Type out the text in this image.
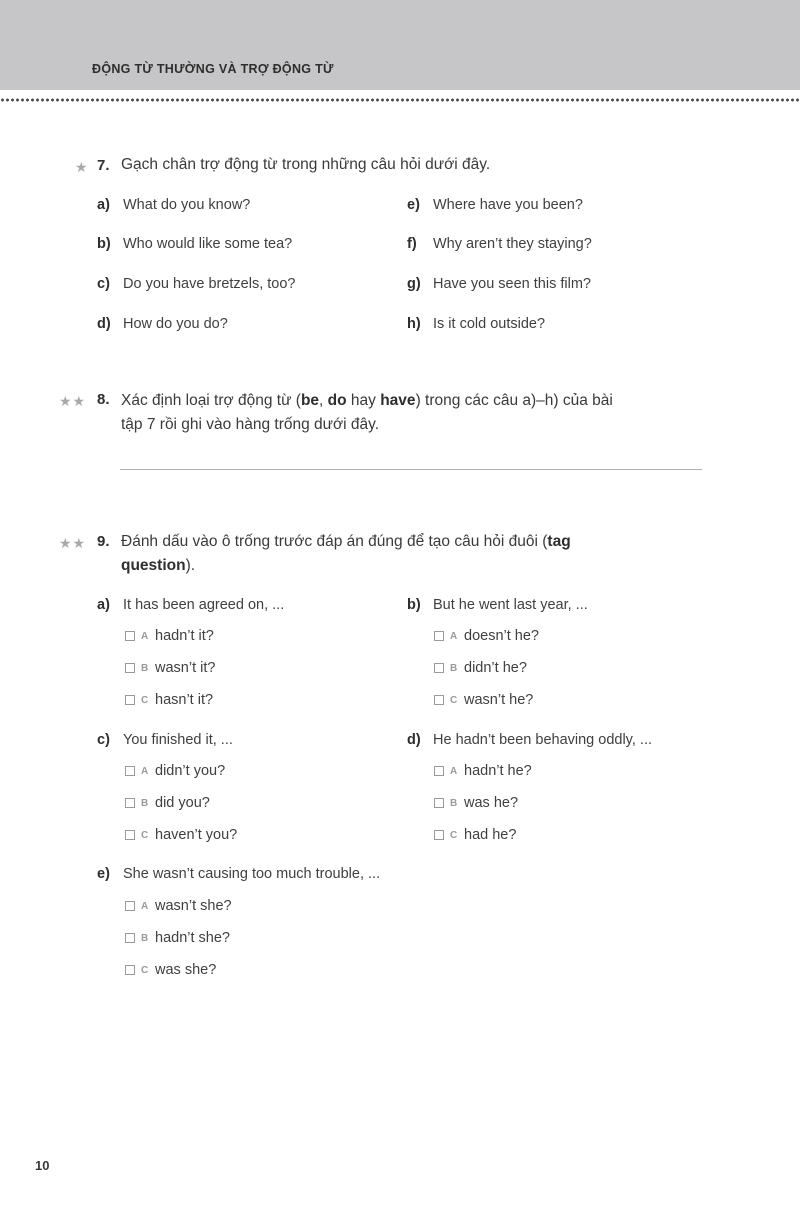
ĐỘNG TỪ THƯỜNG VÀ TRỢ ĐỘNG TỪ
★ 7. Gạch chân trợ động từ trong những câu hỏi dưới đây.
a) What do you know?
b) Who would like some tea?
c) Do you have bretzels, too?
d) How do you do?
e) Where have you been?
f) Why aren’t they staying?
g) Have you seen this film?
h) Is it cold outside?
★★ 8. Xác định loại trợ động từ (be, do hay have) trong các câu a)–h) của bài
tập 7 rồi ghi vào hàng trống dưới đây.
★★ 9. Đánh dấu vào ô trống trước đáp án đúng để tạo câu hỏi đuôi (tag
question).
a) It has been agreed on, ...
A hadn’t it?
B wasn’t it?
C hasn’t it?
b) But he went last year, ...
A doesn’t he?
B didn’t he?
C wasn’t he?
c) You finished it, ...
A didn’t you?
B did you?
C haven’t you?
d) He hadn’t been behaving oddly, ...
A hadn’t he?
B was he?
C had he?
e) She wasn’t causing too much trouble, ...
A wasn’t she?
B hadn’t she?
C was she?
10
